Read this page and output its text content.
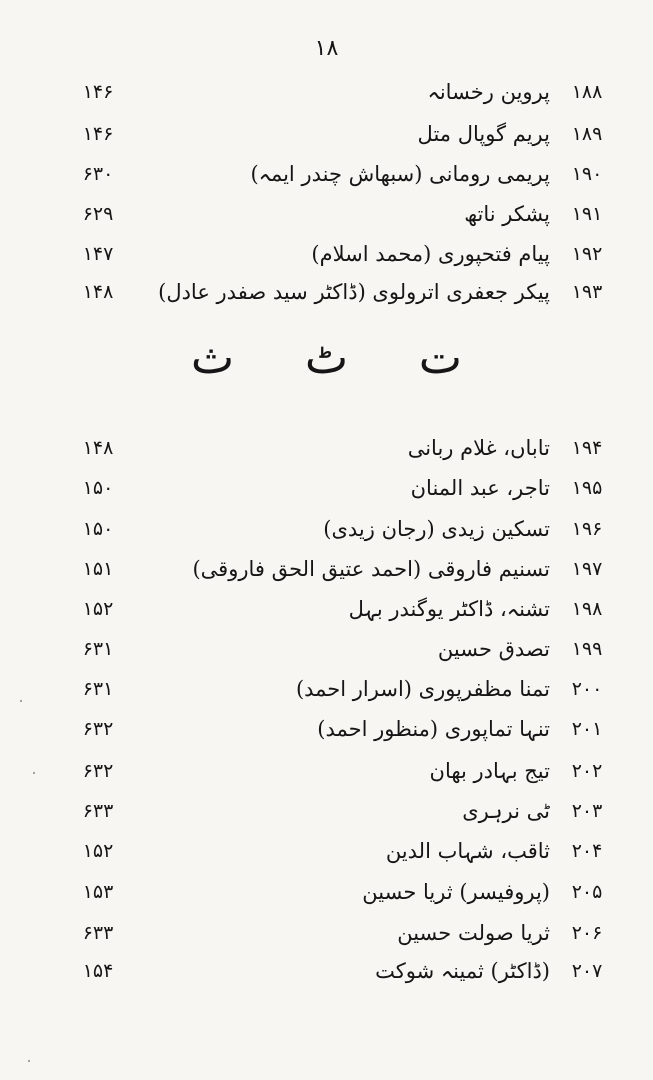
۱۸
۱۴۶	پروین رخسانہ	۱۸۸
۱۴۶	پریم گوپال متل	۱۸۹
۶۳۰	پریمی رومانی (سبھاش چندر ایمہ)	۱۹۰
۶۲۹	پشکر ناتھ	۱۹۱
۱۴۷	پیام فتحپوری (محمد اسلام)	۱۹۲
۱۴۸	پیکر جعفری اترولوی (ڈاکٹر سید صفدر عادل)	۱۹۳
ت ٹ ث
۱۴۸	تاباں، غلام ربانی	۱۹۴
۱۵۰	تاجر، عبد المنان	۱۹۵
۱۵۰	تسکین زیدی (رجان زیدی)	۱۹۶
۱۵۱	تسنیم فاروقی (احمد عتیق الحق فاروقی)	۱۹۷
۱۵۲	تشنہ، ڈاکٹر یوگندر بہل	۱۹۸
۶۳۱	تصدق حسین	۱۹۹
۶۳۱	تمنا مظفرپوری (اسرار احمد)	۲۰۰
۶۳۲	تنہا تماپوری (منظور احمد)	۲۰۱
۶۳۲	تیج بہادر بھان	۲۰۲
۶۳۳	ٹی نرہری	۲۰۳
۱۵۲	ثاقب، شہاب الدین	۲۰۴
۱۵۳	(پروفیسر) ثریا حسین	۲۰۵
۶۳۳	ثریا صولت حسین	۲۰۶
۱۵۴	(ڈاکٹر) ثمینہ شوکت	۲۰۷
